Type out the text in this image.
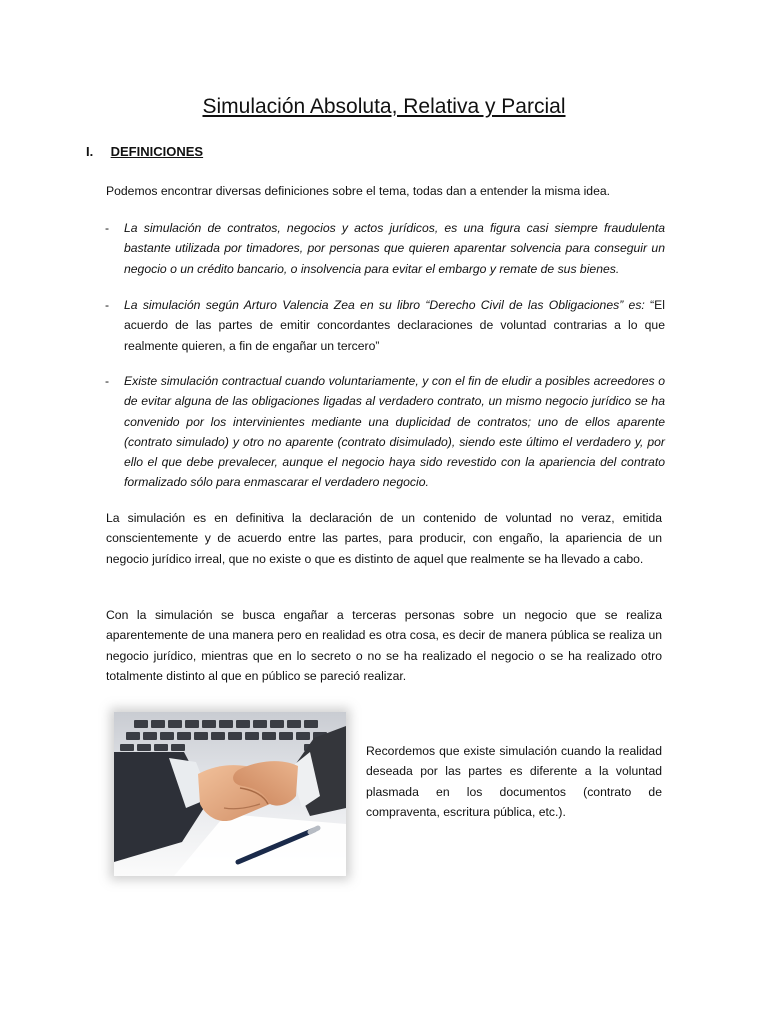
Simulación Absoluta, Relativa y Parcial
I. DEFINICIONES

Podemos encontrar diversas definiciones sobre el tema, todas dan a entender la misma idea.

- La simulación de contratos, negocios y actos jurídicos, es una figura casi siempre fraudulenta bastante utilizada por timadores, por personas que quieren aparentar solvencia para conseguir un negocio o un crédito bancario, o insolvencia para evitar el embargo y remate de sus bienes.
- La simulación según Arturo Valencia Zea en su libro “Derecho Civil de las Obligaciones” es: “El acuerdo de las partes de emitir concordantes declaraciones de voluntad contrarias a lo que realmente quieren, a fin de engañar un tercero”
- Existe simulación contractual cuando voluntariamente, y con el fin de eludir a posibles acreedores o de evitar alguna de las obligaciones ligadas al verdadero contrato, un mismo negocio jurídico se ha convenido por los intervinientes mediante una duplicidad de contratos; uno de ellos aparente (contrato simulado) y otro no aparente (contrato disimulado), siendo este último el verdadero y, por ello el que debe prevalecer, aunque el negocio haya sido revestido con la apariencia del contrato formalizado sólo para enmascarar el verdadero negocio.

La simulación es en definitiva la declaración de un contenido de voluntad no veraz, emitida conscientemente y de acuerdo entre las partes, para producir, con engaño, la apariencia de un negocio jurídico irreal, que no existe o que es distinto de aquel que realmente se ha llevado a cabo.

Con la simulación se busca engañar a terceras personas sobre un negocio que se realiza aparentemente de una manera pero en realidad es otra cosa, es decir de manera pública se realiza un negocio jurídico, mientras que en lo secreto o no se ha realizado el negocio o se ha realizado otro totalmente distinto al que en público se pareció realizar.

Recordemos que existe simulación cuando la realidad deseada por las partes es diferente a la voluntad plasmada en los documentos (contrato de compraventa, escritura pública, etc.).
